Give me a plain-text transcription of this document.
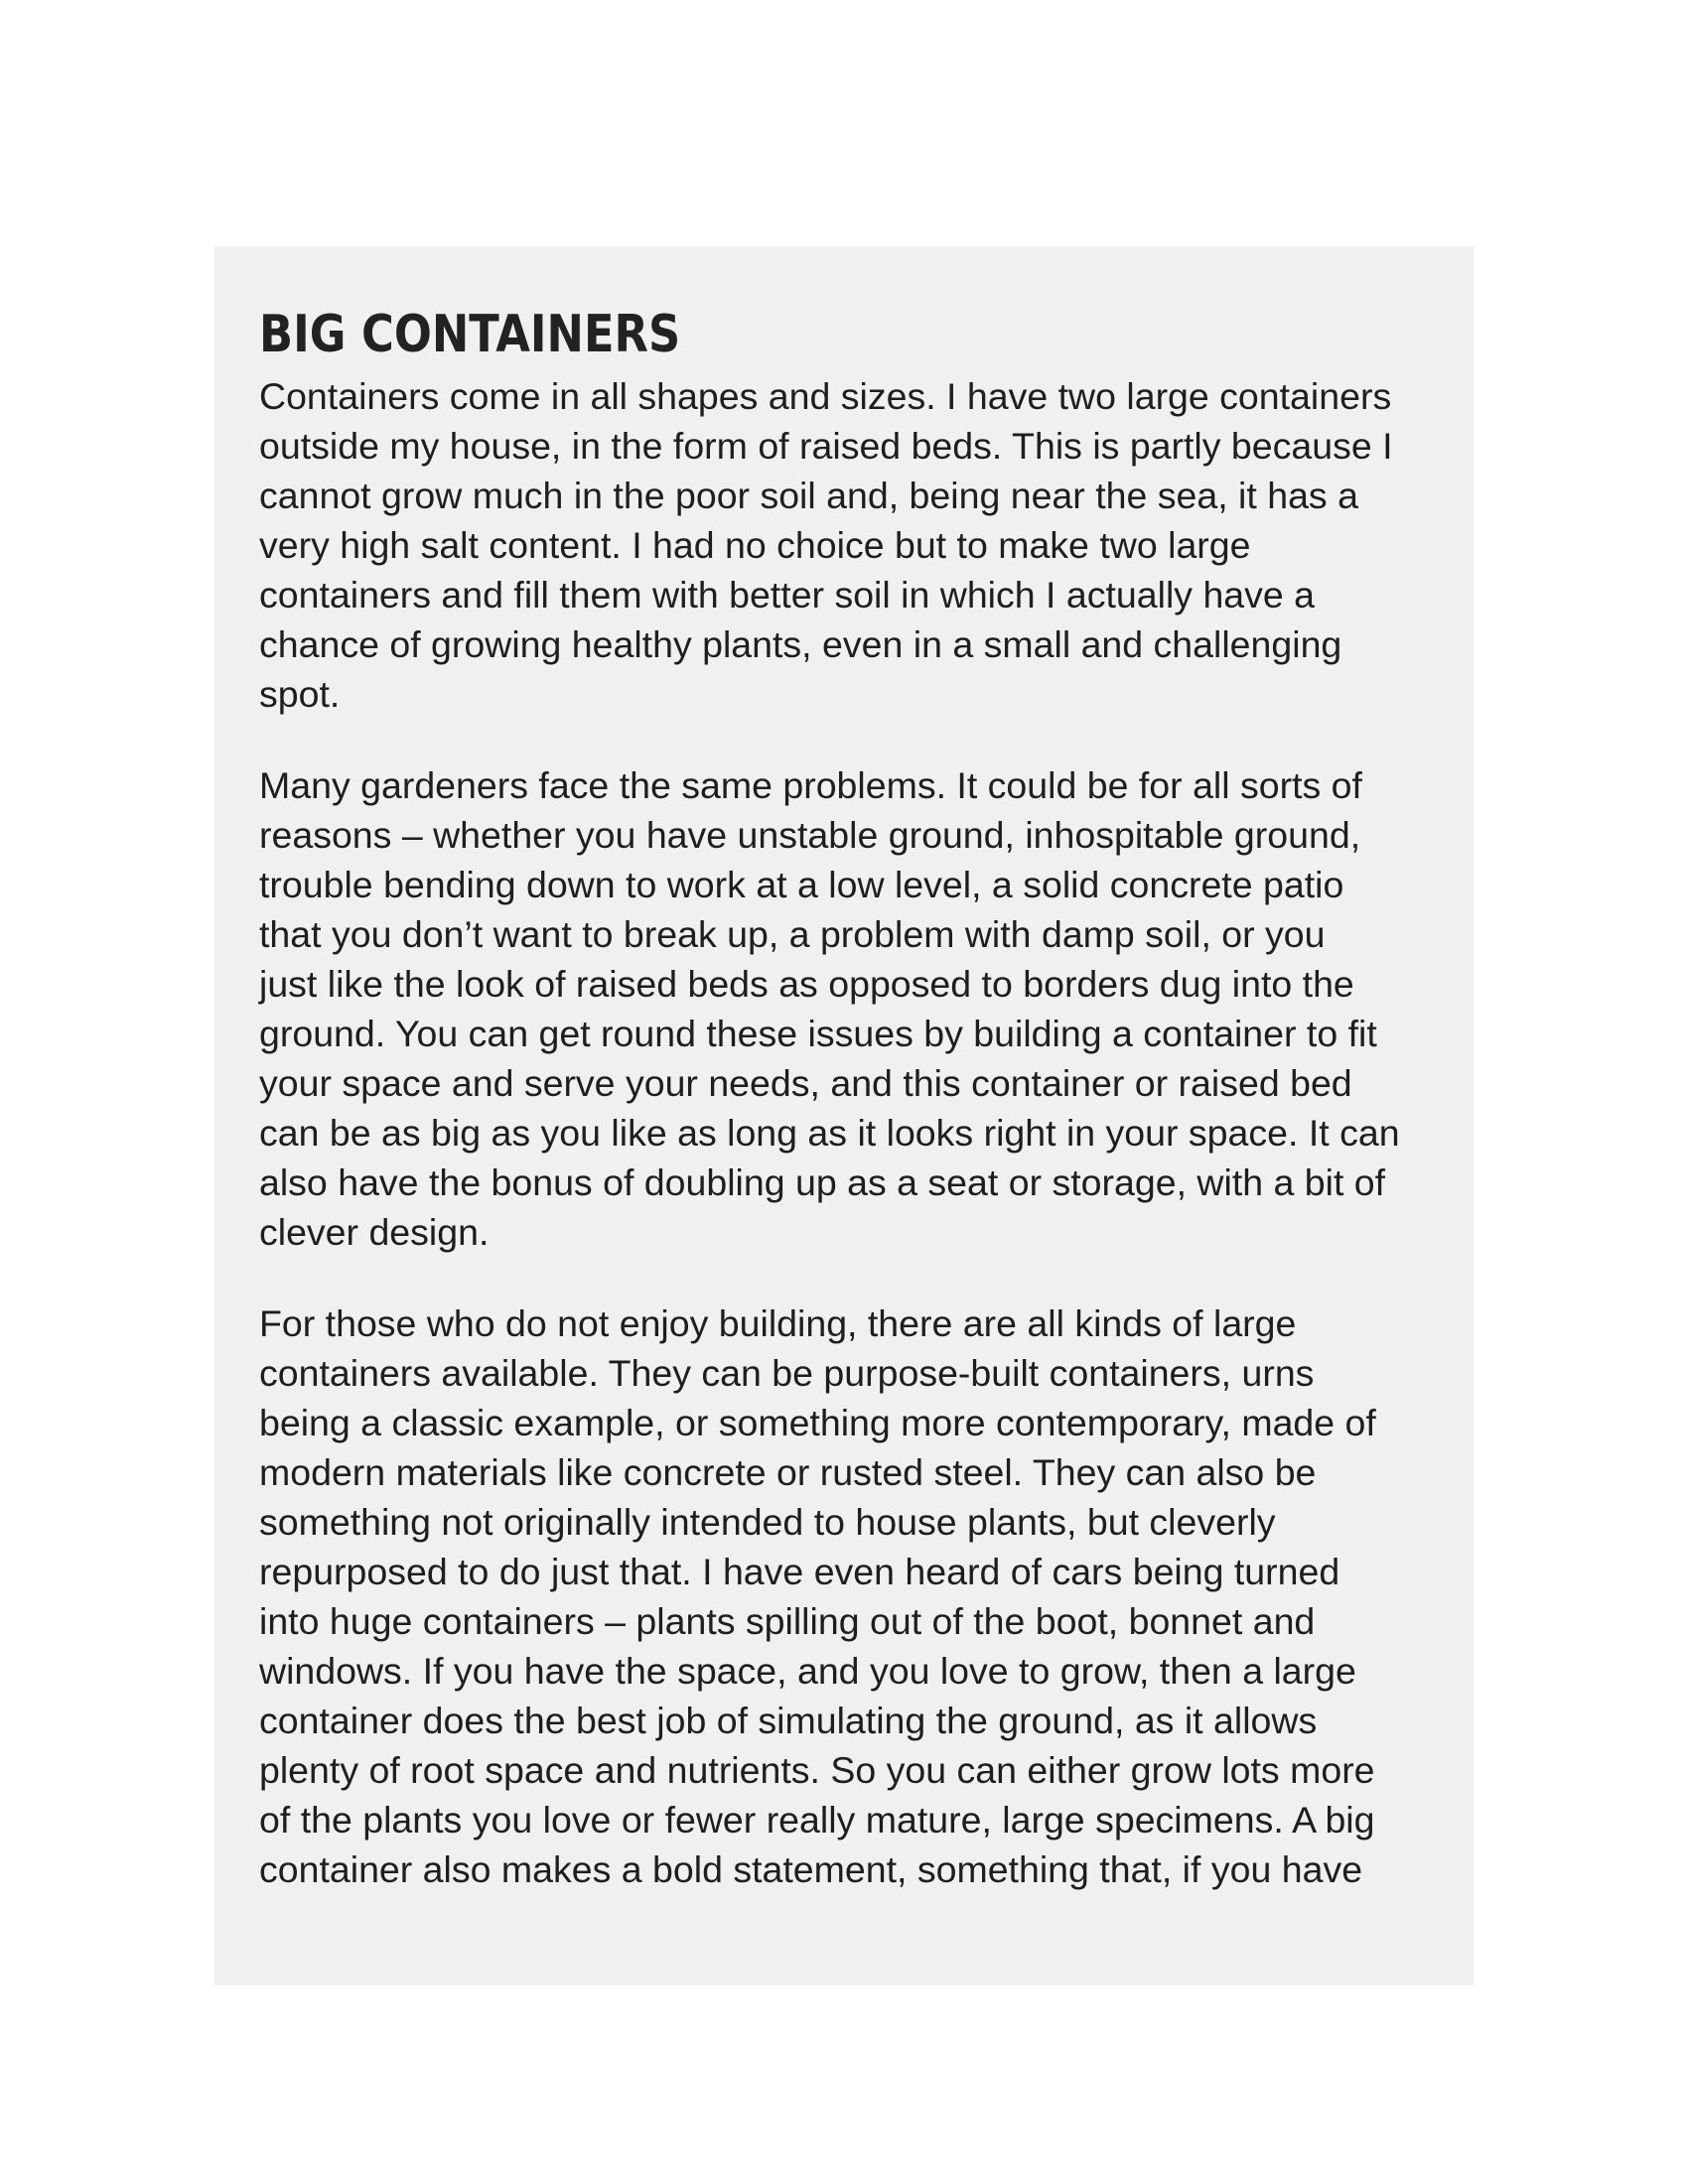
BIG CONTAINERS

Containers come in all shapes and sizes. I have two large containers
outside my house, in the form of raised beds. This is partly because I
cannot grow much in the poor soil and, being near the sea, it has a
very high salt content. I had no choice but to make two large
containers and fill them with better soil in which I actually have a
chance of growing healthy plants, even in a small and challenging
spot.

Many gardeners face the same problems. It could be for all sorts of
reasons – whether you have unstable ground, inhospitable ground,
trouble bending down to work at a low level, a solid concrete patio
that you don’t want to break up, a problem with damp soil, or you
just like the look of raised beds as opposed to borders dug into the
ground. You can get round these issues by building a container to fit
your space and serve your needs, and this container or raised bed
can be as big as you like as long as it looks right in your space. It can
also have the bonus of doubling up as a seat or storage, with a bit of
clever design.

For those who do not enjoy building, there are all kinds of large
containers available. They can be purpose-built containers, urns
being a classic example, or something more contemporary, made of
modern materials like concrete or rusted steel. They can also be
something not originally intended to house plants, but cleverly
repurposed to do just that. I have even heard of cars being turned
into huge containers – plants spilling out of the boot, bonnet and
windows. If you have the space, and you love to grow, then a large
container does the best job of simulating the ground, as it allows
plenty of root space and nutrients. So you can either grow lots more
of the plants you love or fewer really mature, large specimens. A big
container also makes a bold statement, something that, if you have
